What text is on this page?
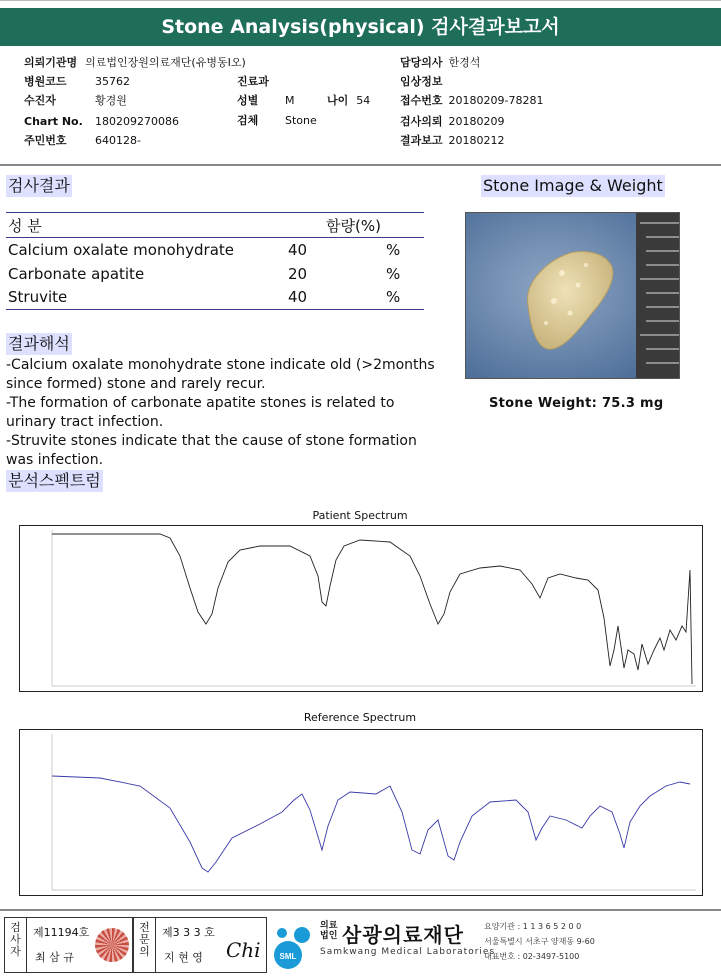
Stone Analysis(physical) 검사결과보고서
의뢰기관명 의료법인장원의료재단(유병동I오)
병원코드	35762
수진자	황경원
Chart No. 180209270086
주민번호	640128-
진료과
성별 M	나이 54
검체 Stone
담당의사 한경석
임상정보
접수번호 20180209-78281
검사의뢰 20180209
결과보고 20180212
검사결과	Stone Image & Weight
성 분	함량(%)	
Calcium oxalate monohydrate	40	%
Carbonate apatite	20	%
Struvite	40	%
Stone Weight: 75.3 mg
결과해석
-Calcium oxalate monohydrate stone indicate old (>2months since formed) stone and rarely recur.
-The formation of carbonate apatite stones is related to urinary tract infection.
-Struvite stones indicate that the cause of stone formation was infection.
분석스펙트럼
Patient Spectrum
Reference Spectrum
검사자
제11194호
최 삼 규
전문의
제3 3 3 호
지 현 영 Chi SML
의료법인 삼광의료재단
Samkwang Medical Laboratories
요양기관 : 1 1 3 6 5 2 0 0
서울특별시 서초구 양재동 9-60
대표번호 : 02-3497-5100
